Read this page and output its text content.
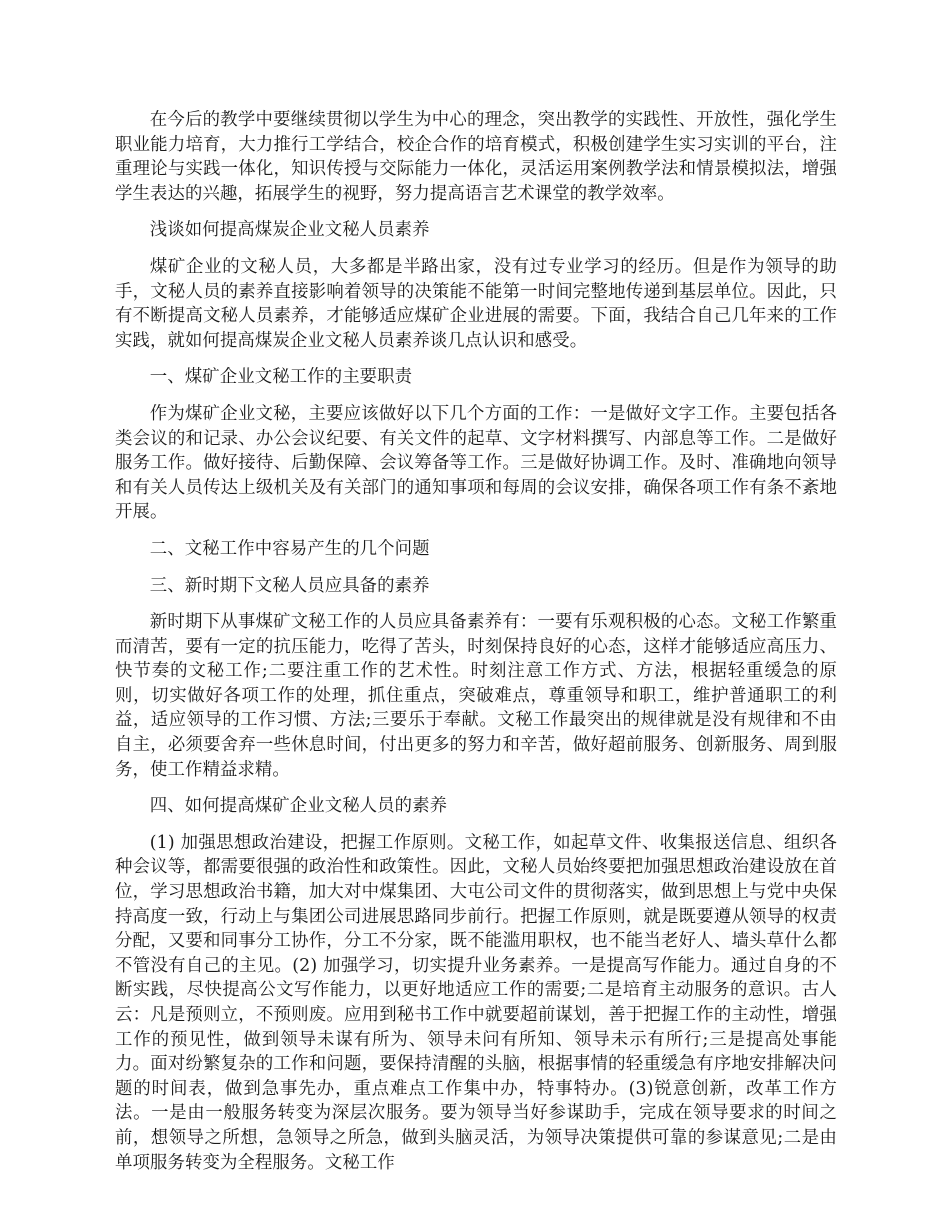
在今后的教学中要继续贯彻以学生为中心的理念，突出教学的实践性、开放性，强化学生职业能力培育，大力推行工学结合，校企合作的培育模式，积极创建学生实习实训的平台，注重理论与实践一体化，知识传授与交际能力一体化，灵活运用案例教学法和情景模拟法，增强学生表达的兴趣，拓展学生的视野，努力提高语言艺术课堂的教学效率。

浅谈如何提高煤炭企业文秘人员素养

煤矿企业的文秘人员，大多都是半路出家，没有过专业学习的经历。但是作为领导的助手，文秘人员的素养直接影响着领导的决策能不能第一时间完整地传递到基层单位。因此，只有不断提高文秘人员素养，才能够适应煤矿企业进展的需要。下面，我结合自己几年来的工作实践，就如何提高煤炭企业文秘人员素养谈几点认识和感受。

一、煤矿企业文秘工作的主要职责

作为煤矿企业文秘，主要应该做好以下几个方面的工作：一是做好文字工作。主要包括各类会议的和记录、办公会议纪要、有关文件的起草、文字材料撰写、内部息等工作。二是做好服务工作。做好接待、后勤保障、会议筹备等工作。三是做好协调工作。及时、准确地向领导和有关人员传达上级机关及有关部门的通知事项和每周的会议安排，确保各项工作有条不紊地开展。

二、文秘工作中容易产生的几个问题

三、新时期下文秘人员应具备的素养

新时期下从事煤矿文秘工作的人员应具备素养有：一要有乐观积极的心态。文秘工作繁重而清苦，要有一定的抗压能力，吃得了苦头，时刻保持良好的心态，这样才能够适应高压力、快节奏的文秘工作;二要注重工作的艺术性。时刻注意工作方式、方法，根据轻重缓急的原则，切实做好各项工作的处理，抓住重点，突破难点，尊重领导和职工，维护普通职工的利益，适应领导的工作习惯、方法;三要乐于奉献。文秘工作最突出的规律就是没有规律和不由自主，必须要舍弃一些休息时间，付出更多的努力和辛苦，做好超前服务、创新服务、周到服务，使工作精益求精。

四、如何提高煤矿企业文秘人员的素养

(1) 加强思想政治建设，把握工作原则。文秘工作，如起草文件、收集报送信息、组织各种会议等，都需要很强的政治性和政策性。因此，文秘人员始终要把加强思想政治建设放在首位，学习思想政治书籍，加大对中煤集团、大屯公司文件的贯彻落实，做到思想上与党中央保持高度一致，行动上与集团公司进展思路同步前行。把握工作原则，就是既要遵从领导的权责分配，又要和同事分工协作，分工不分家，既不能滥用职权，也不能当老好人、墙头草什么都不管没有自己的主见。(2) 加强学习，切实提升业务素养。一是提高写作能力。通过自身的不断实践，尽快提高公文写作能力，以更好地适应工作的需要;二是培育主动服务的意识。古人云：凡是预则立，不预则废。应用到秘书工作中就要超前谋划，善于把握工作的主动性，增强工作的预见性，做到领导未谋有所为、领导未问有所知、领导未示有所行;三是提高处事能力。面对纷繁复杂的工作和问题，要保持清醒的头脑，根据事情的轻重缓急有序地安排解决问题的时间表，做到急事先办，重点难点工作集中办，特事特办。(3)锐意创新，改革工作方法。一是由一般服务转变为深层次服务。要为领导当好参谋助手，完成在领导要求的时间之前，想领导之所想，急领导之所急，做到头脑灵活，为领导决策提供可靠的参谋意见;二是由单项服务转变为全程服务。文秘工作
